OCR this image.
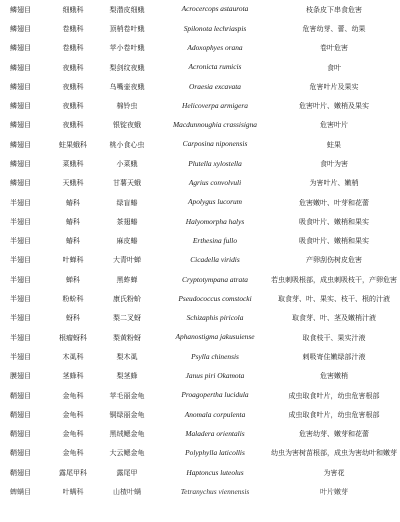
鳞翅目	细蛾科	梨潜皮细蛾	Acrocercops astaurota	枝条皮下串食危害
鳞翅目	卷蛾科	顶梢卷叶蛾	Spilonota lechriaspis	危害幼芽、蕾、幼果
鳞翅目	卷蛾科	苹小卷叶蛾	Adoxophyes orana	卷叶危害
鳞翅目	夜蛾科	梨剑纹夜蛾	Acronicta rumicis	食叶
鳞翅目	夜蛾科	乌嘴壶夜蛾	Oraesia excavata	危害叶片及果实
鳞翅目	夜蛾科	棉铃虫	Helicoverpa armigera	危害叶片、嫩梢及果实
鳞翅目	夜蛾科	银锭夜蛾	Macdunnoughia crassisigna	危害叶片
鳞翅目	蛀果蛾科	桃小食心虫	Carposina niponensis	蛀果
鳞翅目	菜蛾科	小菜蛾	Plutella xylostella	食叶为害
鳞翅目	天蛾科	甘薯天蛾	Agrius convolvuli	为害叶片、嫩梢
半翅目	蝽科	绿盲蝽	Apolygus lucorum	危害嫩叶、叶芽和花蕾
半翅目	蝽科	茶翅蝽	Halyomorpha halys	吸食叶片、嫩梢和果实
半翅目	蝽科	麻皮蝽	Erthesina fullo	吸食叶片、嫩梢和果实
半翅目	叶蝉科	大青叶蝉	Cicadella viridis	产卵刮伤树皮危害
半翅目	蝉科	黑蚱蝉	Cryptotympana atrata	若虫刺吸根部，成虫刺吸枝干，产卵危害
半翅目	粉蚧科	康氏粉蚧	Pseudococcus comstocki	取食芽、叶、果实、枝干、根的汁液
半翅目	蚜科	梨二叉蚜	Schizaphis piricola	取食芽、叶、茎及嫩梢汁液
半翅目	根瘤蚜科	梨黄粉蚜	Aphanostigma jakusuiense	取食枝干、果实汁液
半翅目	木虱科	梨木虱	Psylla chinensis	刺吸寄住嫩绿部汁液
膜翅目	茎蜂科	梨茎蜂	Janus piri Okamota	危害嫩梢
鞘翅目	金龟科	苹毛丽金龟	Proagopertha lucidula	成虫取食叶片，幼虫危害根部
鞘翅目	金龟科	铜绿丽金龟	Anomala corpulenta	成虫取食叶片，幼虫危害根部
鞘翅目	金龟科	黑绒鳃金龟	Maladera orientalis	危害幼芽、嫩芽和花蕾
鞘翅目	金龟科	大云鳃金龟	Polyphylla laticollis	幼虫为害树苗根部，成虫为害幼叶和嫩芽
鞘翅目	露尾甲科	露尾甲	Haptoncus luteolus	为害花
蜱螨目	叶螨科	山楂叶螨	Tetranychus viennensis	叶片嫩芽
